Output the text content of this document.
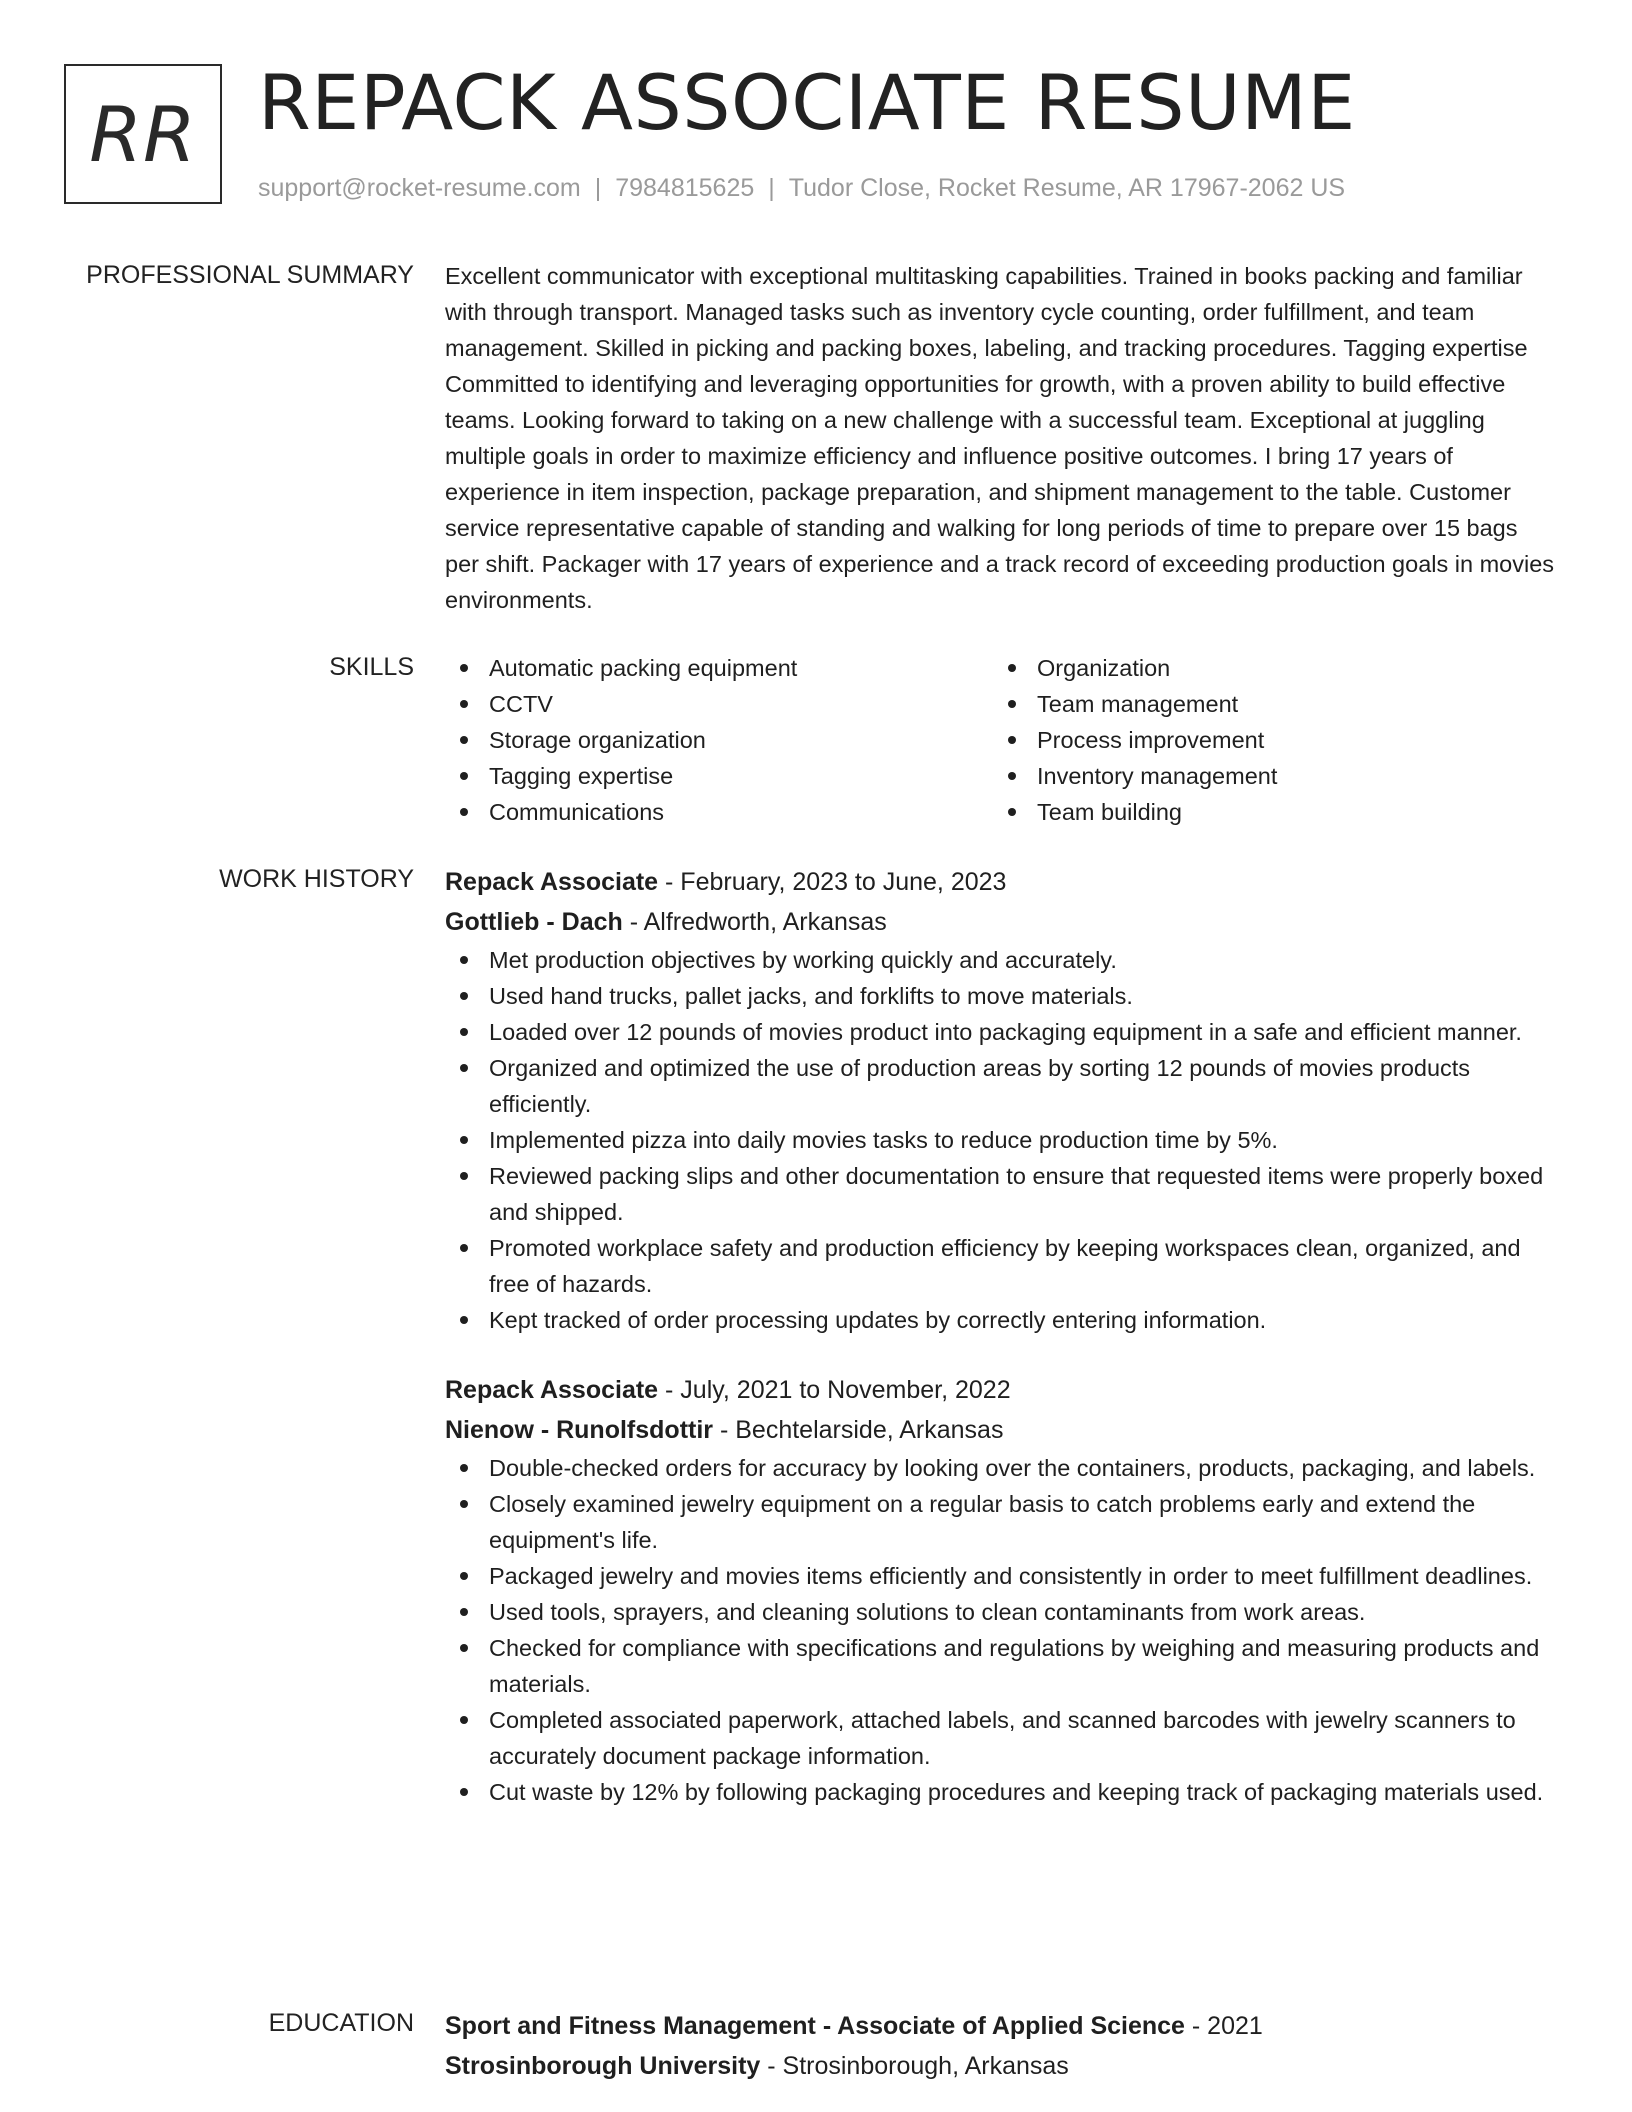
RR REPACK ASSOCIATE RESUME
support@rocket-resume.com | 7984815625 | Tudor Close, Rocket Resume, AR 17967-2062 US
PROFESSIONAL SUMMARY Excellent communicator with exceptional multitasking capabilities. Trained in books packing and familiar with through transport. Managed tasks such as inventory cycle counting, order fulfillment, and team management. Skilled in picking and packing boxes, labeling, and tracking procedures. Tagging expertise Committed to identifying and leveraging opportunities for growth, with a proven ability to build effective teams. Looking forward to taking on a new challenge with a successful team. Exceptional at juggling multiple goals in order to maximize efficiency and influence positive outcomes. I bring 17 years of experience in item inspection, package preparation, and shipment management to the table. Customer service representative capable of standing and walking for long periods of time to prepare over 15 bags per shift. Packager with 17 years of experience and a track record of exceeding production goals in movies environments.

SKILLS	Automatic packing equipment
CCTV
Storage organization
Tagging expertise
Communications
Organization
Team management
Process improvement
Inventory management
Team building
WORK HISTORY Repack Associate - February, 2023 to June, 2023
Gottlieb - Dach - Alfredworth, Arkansas
Met production objectives by working quickly and accurately.
Used hand trucks, pallet jacks, and forklifts to move materials.
Loaded over 12 pounds of movies product into packaging equipment in a safe and efficient manner.
Organized and optimized the use of production areas by sorting 12 pounds of movies products efficiently.
Implemented pizza into daily movies tasks to reduce production time by 5%.
Reviewed packing slips and other documentation to ensure that requested items were properly boxed and shipped.
Promoted workplace safety and production efficiency by keeping workspaces clean, organized, and free of hazards.
Kept tracked of order processing updates by correctly entering information.
Repack Associate - July, 2021 to November, 2022
Nienow - Runolfsdottir - Bechtelarside, Arkansas
Double-checked orders for accuracy by looking over the containers, products, packaging, and labels.
Closely examined jewelry equipment on a regular basis to catch problems early and extend the equipment's life.
Packaged jewelry and movies items efficiently and consistently in order to meet fulfillment deadlines.
Used tools, sprayers, and cleaning solutions to clean contaminants from work areas.
Checked for compliance with specifications and regulations by weighing and measuring products and materials.
Completed associated paperwork, attached labels, and scanned barcodes with jewelry scanners to accurately document package information.
Cut waste by 12% by following packaging procedures and keeping track of packaging materials used.
EDUCATION Sport and Fitness Management - Associate of Applied Science - 2021
Strosinborough University - Strosinborough, Arkansas
